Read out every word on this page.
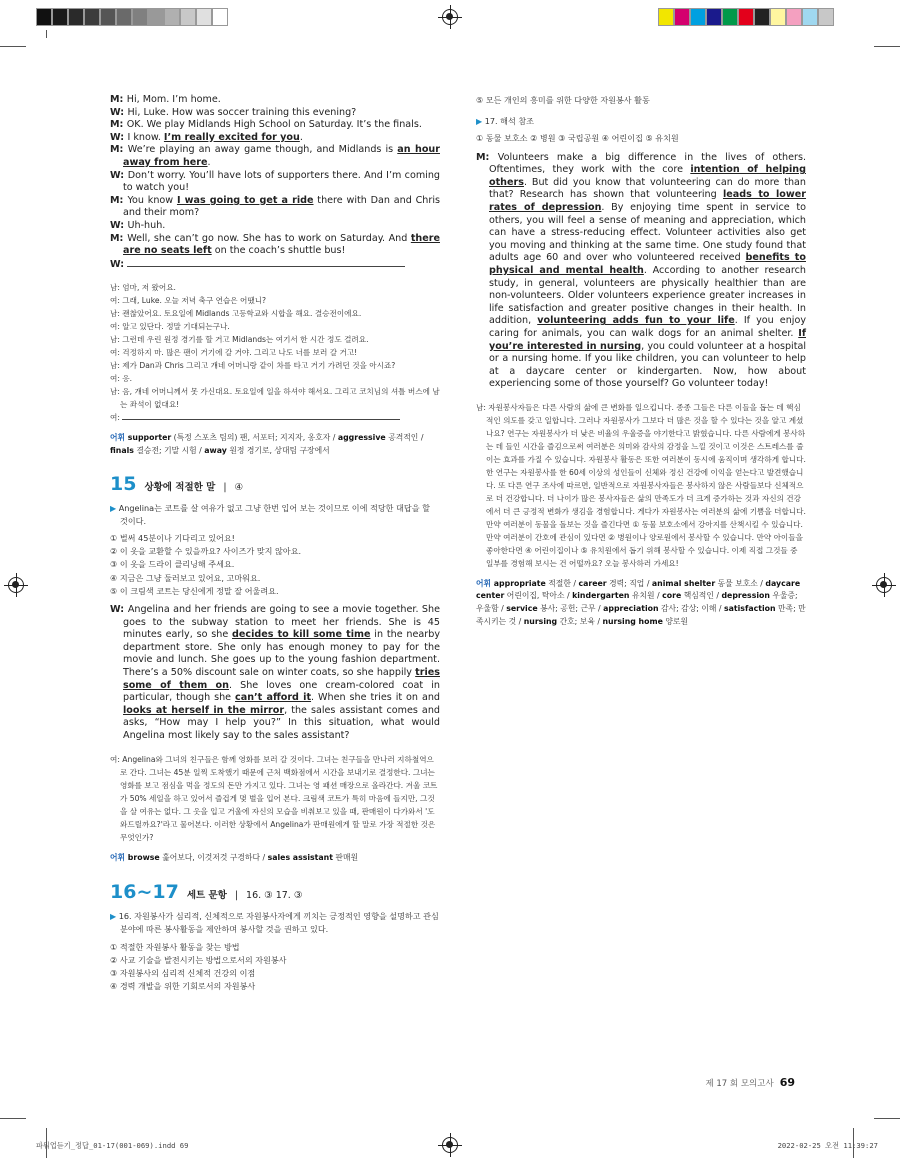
M: Hi, Mom. I’m home.
W: Hi, Luke. How was soccer training this evening?
M: OK. We play Midlands High School on Saturday. It’s the finals.
W: I know. I’m really excited for you.
M: We’re playing an away game though, and Midlands is an hour away from here.
W: Don’t worry. You’ll have lots of supporters there. And I’m coming to watch you!
M: You know I was going to get a ride there with Dan and Chris and their mom?
W: Uh-huh.
M: Well, she can’t go now. She has to work on Saturday. And there are no seats left on the coach’s shuttle bus!
W:
남: 엄마, 저 왔어요.
여: 그래, Luke. 오늘 저녁 축구 연습은 어땠니?
남: 괜찮았어요. 토요일에 Midlands 고등학교와 시합을 해요. 결승전이에요.
여: 알고 있단다. 정말 기대되는구나.
남: 그런데 우린 원정 경기를 할 거고 Midlands는 여기서 한 시간 정도 걸려요.
여: 걱정하지 마. 많은 팬이 거기에 갈 거야. 그리고 나도 너를 보러 갈 거고!
남: 제가 Dan과 Chris 그리고 걔네 어머니랑 같이 차를 타고 거기 가려던 것을 아시죠?
여: 응.
남: 음, 걔네 어머니께서 못 가신대요. 토요일에 일을 하셔야 해서요. 그리고 코치님의 셔틀 버스에 남는 좌석이 없대요!
여:
어휘 supporter (특정 스포츠 팀의) 팬, 서포터; 지지자, 옹호자 / aggressive 공격적인 / finals 결승전; 기말 시험 / away 원정 경기로, 상대팀 구장에서
15 상황에 적절한 말 | ④
▶ Angelina는 코트를 살 여유가 없고 그냥 한번 입어 보는 것이므로 이에 적당한 대답을 할 것이다.
① 벌써 45분이나 기다리고 있어요!
② 이 옷을 교환할 수 있을까요? 사이즈가 맞지 않아요.
③ 이 옷을 드라이 클리닝해 주세요.
④ 지금은 그냥 둘러보고 있어요, 고마워요.
⑤ 이 크림색 코트는 당신에게 정말 잘 어울려요.
W: Angelina and her friends are going to see a movie together. She goes to the subway station to meet her friends. She is 45 minutes early, so she decides to kill some time in the nearby department store. She only has enough money to pay for the movie and lunch. She goes up to the young fashion department. There’s a 50% discount sale on winter coats, so she happily tries some of them on. She loves one cream-colored coat in particular, though she can’t afford it. When she tries it on and looks at herself in the mirror, the sales assistant comes and asks, “How may I help you?” In this situation, what would Angelina most likely say to the sales assistant?
여: Angelina와 그녀의 친구들은 함께 영화를 보러 갈 것이다. 그녀는 친구들을 만나러 지하철역으로 간다. 그녀는 45분 일찍 도착했기 때문에 근처 백화점에서 시간을 보내기로 결정한다. 그녀는 영화를 보고 점심을 먹을 정도의 돈만 가지고 있다. 그녀는 영 패션 매장으로 올라간다. 겨울 코트가 50% 세일을 하고 있어서 즐겁게 몇 벌을 입어 본다. 크림색 코트가 특히 마음에 들지만, 그것을 살 여유는 없다. 그 옷을 입고 거울에 자신의 모습을 비춰보고 있을 때, 판매원이 다가와서 '도와드릴까요?'라고 물어본다. 이러한 상황에서 Angelina가 판매원에게 할 말로 가장 적절한 것은 무엇인가?
어휘 browse 훑어보다, 이것저것 구경하다 / sales assistant 판매원
16~17 세트 문항 | 16. ③ 17. ③
▶ 16. 자원봉사가 심리적, 신체적으로 자원봉사자에게 끼치는 긍정적인 영향을 설명하고 관심 분야에 따른 봉사활동을 제안하며 봉사할 것을 권하고 있다.
① 적절한 자원봉사 활동을 찾는 방법
② 사교 기술을 발전시키는 방법으로서의 자원봉사
③ 자원봉사의 심리적 신체적 건강의 이점
④ 경력 개발을 위한 기회로서의 자원봉사
⑤ 모든 개인의 흥미를 위한 다양한 자원봉사 활동
▶ 17. 해석 참조
① 동물 보호소 ② 병원 ③ 국립공원 ④ 어린이집 ⑤ 유치원
M: Volunteers make a big difference in the lives of others. Oftentimes, they work with the core intention of helping others. But did you know that volunteering can do more than that? Research has shown that volunteering leads to lower rates of depression. By enjoying time spent in service to others, you will feel a sense of meaning and appreciation, which can have a stress-reducing effect. Volunteer activities also get you moving and thinking at the same time. One study found that adults age 60 and over who volunteered received benefits to physical and mental health. According to another research study, in general, volunteers are physically healthier than are non-volunteers. Older volunteers experience greater increases in life satisfaction and greater positive changes in their health. In addition, volunteering adds fun to your life. If you enjoy caring for animals, you can walk dogs for an animal shelter. If you’re interested in nursing, you could volunteer at a hospital or a nursing home. If you like children, you can volunteer to help at a daycare center or kindergarten. Now, how about experiencing some of those yourself? Go volunteer today!
남: 자원봉사자들은 다른 사람의 삶에 큰 변화를 일으킵니다. 종종 그들은 다른 이들을 돕는 데 핵심적인 의도를 갖고 일합니다. 그러나 자원봉사가 그보다 더 많은 것을 할 수 있다는 것을 알고 계셨나요? 연구는 자원봉사가 더 낮은 비율의 우울증을 야기한다고 밝혔습니다. 다른 사람에게 봉사하는 데 들인 시간을 즐김으로써 여러분은 의미와 감사의 감정을 느낄 것이고 이것은 스트레스를 줄이는 효과를 가질 수 있습니다. 자원봉사 활동은 또한 여러분이 동시에 움직이며 생각하게 합니다. 한 연구는 자원봉사를 한 60세 이상의 성인들이 신체와 정신 건강에 이익을 얻는다고 발견했습니다. 또 다른 연구 조사에 따르면, 일반적으로 자원봉사자들은 봉사하지 않은 사람들보다 신체적으로 더 건강합니다. 더 나이가 많은 봉사자들은 삶의 만족도가 더 크게 증가하는 것과 자신의 건강에서 더 큰 긍정적 변화가 생김을 경험합니다. 게다가 자원봉사는 여러분의 삶에 기쁨을 더합니다. 만약 여러분이 동물을 돌보는 것을 즐긴다면 ① 동물 보호소에서 강아지를 산책시킬 수 있습니다. 만약 여러분이 간호에 관심이 있다면 ② 병원이나 양로원에서 봉사할 수 있습니다. 만약 아이들을 좋아한다면 ④ 어린이집이나 ⑤ 유치원에서 돕기 위해 봉사할 수 있습니다. 이제 직접 그것들 중 일부를 경험해 보시는 건 어떨까요? 오늘 봉사하러 가세요!
어휘 appropriate 적절한 / career 경력; 직업 / animal shelter 동물 보호소 / daycare center 어린이집, 탁아소 / kindergarten 유치원 / core 핵심적인 / depression 우울증; 우울함 / service 봉사; 공헌; 근무 / appreciation 감사; 감상; 이해 / satisfaction 만족; 만족시키는 것 / nursing 간호; 보육 / nursing home 양로원
제 17 회 모의고사 69
파워업듣기_정답_01-17(001-069).indd 69	2022-02-25 오전 11:39:27
